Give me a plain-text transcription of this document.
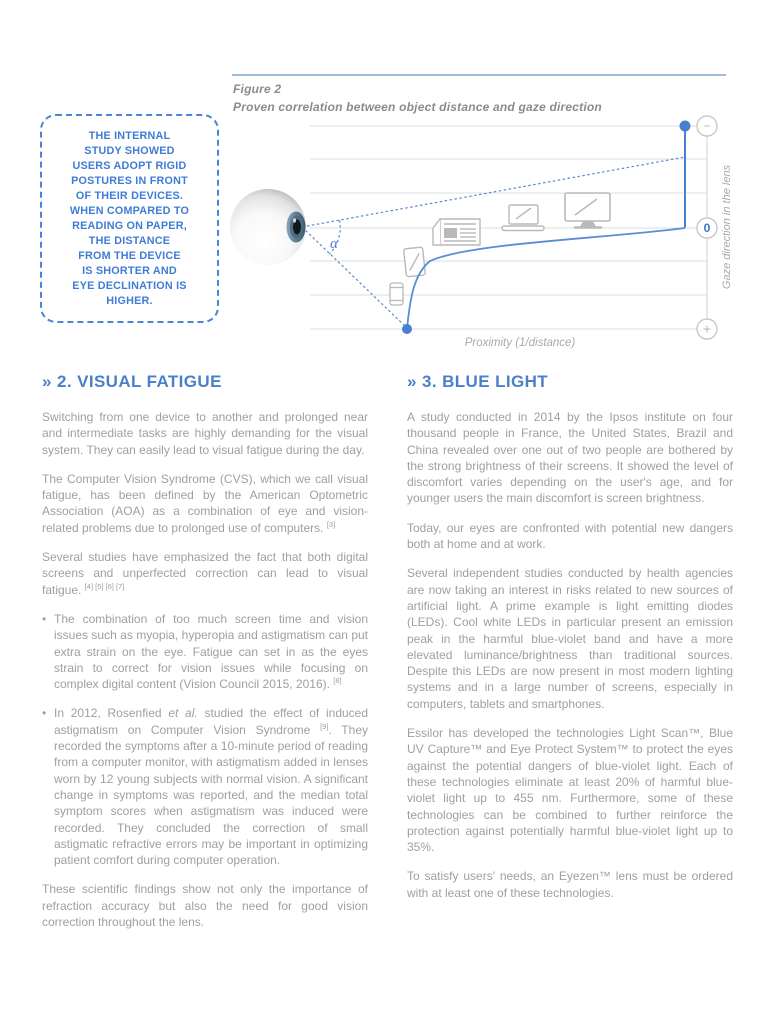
Figure 2
Proven correlation between object distance and gaze direction
THE INTERNAL
STUDY SHOWED
USERS ADOPT RIGID
POSTURES IN FRONT
OF THEIR DEVICES.
WHEN COMPARED TO
READING ON PAPER,
THE DISTANCE
FROM THE DEVICE
IS SHORTER AND
EYE DECLINATION IS
HIGHER.
α
−
0
+
Gaze direction in the lens
Proximity (1/distance)
» 2. VISUAL FATIGUE

Switching from one device to another and prolonged near and intermediate tasks are highly demanding for the visual system. They can easily lead to visual fatigue during the day.

The Computer Vision Syndrome (CVS), which we call visual fatigue, has been defined by the American Optometric Association (AOA) as a combination of eye and vision-related problems due to prolonged use of computers. [3]

Several studies have emphasized the fact that both digital screens and unperfected correction can lead to visual fatigue. [4] [5] [6] [7]

• The combination of too much screen time and vision issues such as myopia, hyperopia and astigmatism can put extra strain on the eye. Fatigue can set in as the eyes strain to correct for vision issues while focusing on complex digital content (Vision Council 2015, 2016). [8]

• In 2012, Rosenfied et al. studied the effect of induced astigmatism on Computer Vision Syndrome [9]. They recorded the symptoms after a 10-minute period of reading from a computer monitor, with astigmatism added in lenses worn by 12 young subjects with normal vision. A significant change in symptoms was reported, and the median total symptom scores when astigmatism was induced were recorded. They concluded the correction of small astigmatic refractive errors may be important in optimizing patient comfort during computer operation.

These scientific findings show not only the importance of refraction accuracy but also the need for good vision correction throughout the lens.

» 3. BLUE LIGHT

A study conducted in 2014 by the Ipsos institute on four thousand people in France, the United States, Brazil and China revealed over one out of two people are bothered by the strong brightness of their screens. It showed the level of discomfort varies depending on the user's age, and for younger users the main discomfort is screen brightness.

Today, our eyes are confronted with potential new dangers both at home and at work.

Several independent studies conducted by health agencies are now taking an interest in risks related to new sources of artificial light. A prime example is light emitting diodes (LEDs). Cool white LEDs in particular present an emission peak in the harmful blue-violet band and have a more elevated luminance/brightness than traditional sources. Despite this LEDs are now present in most modern lighting systems and in a large number of screens, especially in computers, tablets and smartphones.

Essilor has developed the technologies Light Scan™, Blue UV Capture™ and Eye Protect System™ to protect the eyes against the potential dangers of blue-violet light. Each of these technologies eliminate at least 20% of harmful blue-violet light up to 455 nm. Furthermore, some of these technologies can be combined to further reinforce the protection against potentially harmful blue-violet light up to 35%.

To satisfy users' needs, an Eyezen™ lens must be ordered with at least one of these technologies.
